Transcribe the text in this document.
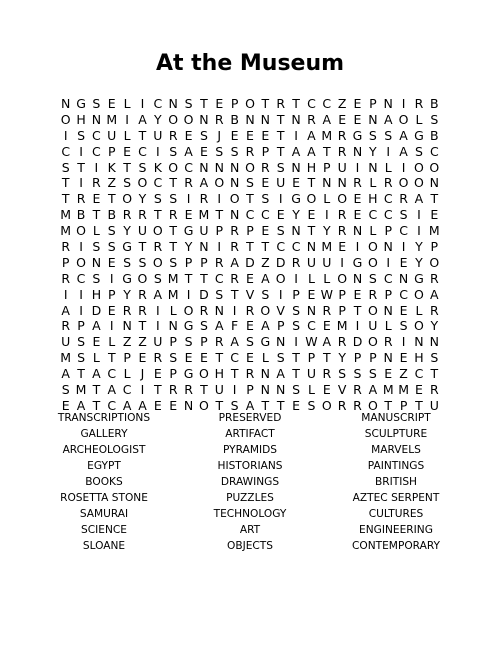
At the Museum
N G S E L I C N S T E P O T R T C C Z E P N I R B
O H N M I A Y O O N R B N N T N R A E E N A O L S
I S C U L T U R E S J E E E T I A M R G S S A G B
C I C P E C I S A E S S R P T A A T R N Y I A S C
S T I K T S K O C N N N O R S N H P U I N L I O O
T I R Z S O C T R A O N S E U E T N N R L R O O N
T R E T O Y S S I R I O T S I G O L O E H C R A T
M B T B R R T R E M T N C C E Y E I R E C C S I E
M O L S Y U O T G U P R P E S N T Y R N L P C I M
R I S S G T R T Y N I R T T C C N M E I O N I Y P
P O N E S S O S P P R A D Z D R U U I G O I E Y O
R C S I G O S M T T C R E A O I L L O N S C N G R
I I H P Y R A M I D S T V S I P E W P E R P C O A
A I D E R R I L O R N I R O V S N R P T O N E L R
R P A I N T I N G S A F E A P S C E M I U L S O Y
U S E L Z Z U P S P R A S G N I W A R D O R I N N
M S L T P E R S E E T C E L S T P T Y P P N E H S
A T A C L J E P G O H T R N A T U R S S S E Z C T
S M T A C I T R R T U I P N N S L E V R A M M E R
E A T C A A E E N O T S A T T E S O R R O T P T U
TRANSCRIPTIONS
GALLERY
ARCHEOLOGIST
EGYPT
BOOKS
ROSETTA STONE
SAMURAI
SCIENCE
SLOANE
PRESERVED
ARTIFACT
PYRAMIDS
HISTORIANS
DRAWINGS
PUZZLES
TECHNOLOGY
ART
OBJECTS
MANUSCRIPT
SCULPTURE
MARVELS
PAINTINGS
BRITISH
AZTEC SERPENT
CULTURES
ENGINEERING
CONTEMPORARY
